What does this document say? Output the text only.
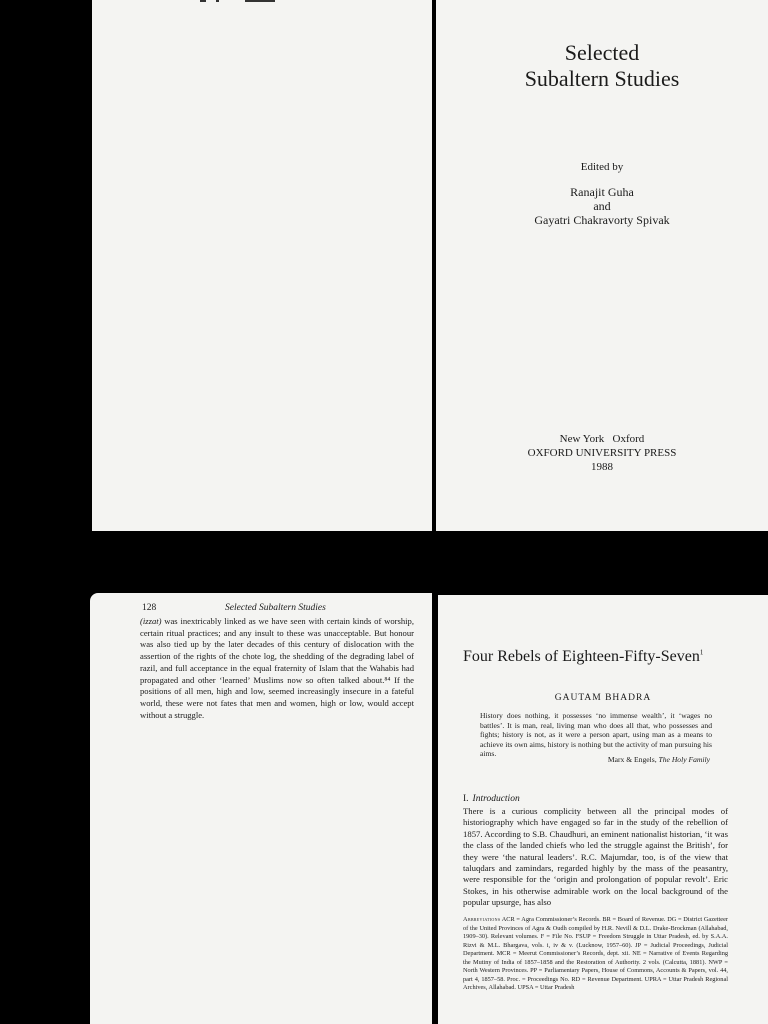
Selected
Subaltern Studies
Edited by
Ranajit Guha
and
Gayatri Chakravorty Spivak
New York   Oxford
OXFORD UNIVERSITY PRESS
1988
128	Selected Subaltern Studies

(izzat) was inextricably linked as we have seen with certain kinds of worship, certain ritual practices; and any insult to these was unacceptable. But honour was also tied up by the later decades of this century of dislocation with the assertion of the rights of the chote log, the shedding of the degrading label of razil, and full acceptance in the equal fraternity of Islam that the Wahabis had propagated and other ‘learned’ Muslims now so often talked about.⁸⁴ If the positions of all men, high and low, seemed increasingly insecure in a fateful world, these were not fates that men and women, high or low, would accept without a struggle.

Four Rebels of Eighteen-Fifty-Seven$^1$
GAUTAM BHADRA

History does nothing, it possesses ‘no immense wealth’, it ‘wages no battles’. It is man, real, living man who does all that, who possesses and fights; history is not, as it were a person apart, using man as a means to achieve its own aims, history is nothing but the activity of man pursuing his aims.

Marx & Engels, The Holy Family
I. Introduction

There is a curious complicity between all the principal modes of historiography which have engaged so far in the study of the rebellion of 1857. According to S.B. Chaudhuri, an eminent nationalist historian, ‘it was the class of the landed chiefs who led the struggle against the British’, for they were ‘the natural leaders’. R.C. Majumdar, too, is of the view that taluqdars and zamindars, regarded highly by the mass of the peasantry, were responsible for the ‘origin and prolongation of popular revolt’. Eric Stokes, in his otherwise admirable work on the local background of the popular upsurge, has also

Abbreviations ACR = Agra Commissioner’s Records. BR = Board of Revenue. DG = District Gazetteer of the United Provinces of Agra & Oudh compiled by H.R. Nevill & D.L. Drake-Brockman (Allahabad, 1909–30). Relevant volumes. F = File No. FSUP = Freedom Struggle in Uttar Pradesh, ed. by S.A.A. Rizvi & M.L. Bhargava, vols. i, iv & v. (Lucknow, 1957–60). JP = Judicial Proceedings, Judicial Department. MCR = Meerut Commissioner’s Records, dept. xii. NE = Narrative of Events Regarding the Mutiny of India of 1857–1858 and the Restoration of Authority. 2 vols. (Calcutta, 1881). NWP = North Western Provinces. PP = Parliamentary Papers, House of Commons, Accounts & Papers, vol. 44, part 4, 1857–58. Proc. = Proceedings No. RD = Revenue Department. UPRA = Uttar Pradesh Regional Archives, Allahabad. UPSA = Uttar Pradesh
